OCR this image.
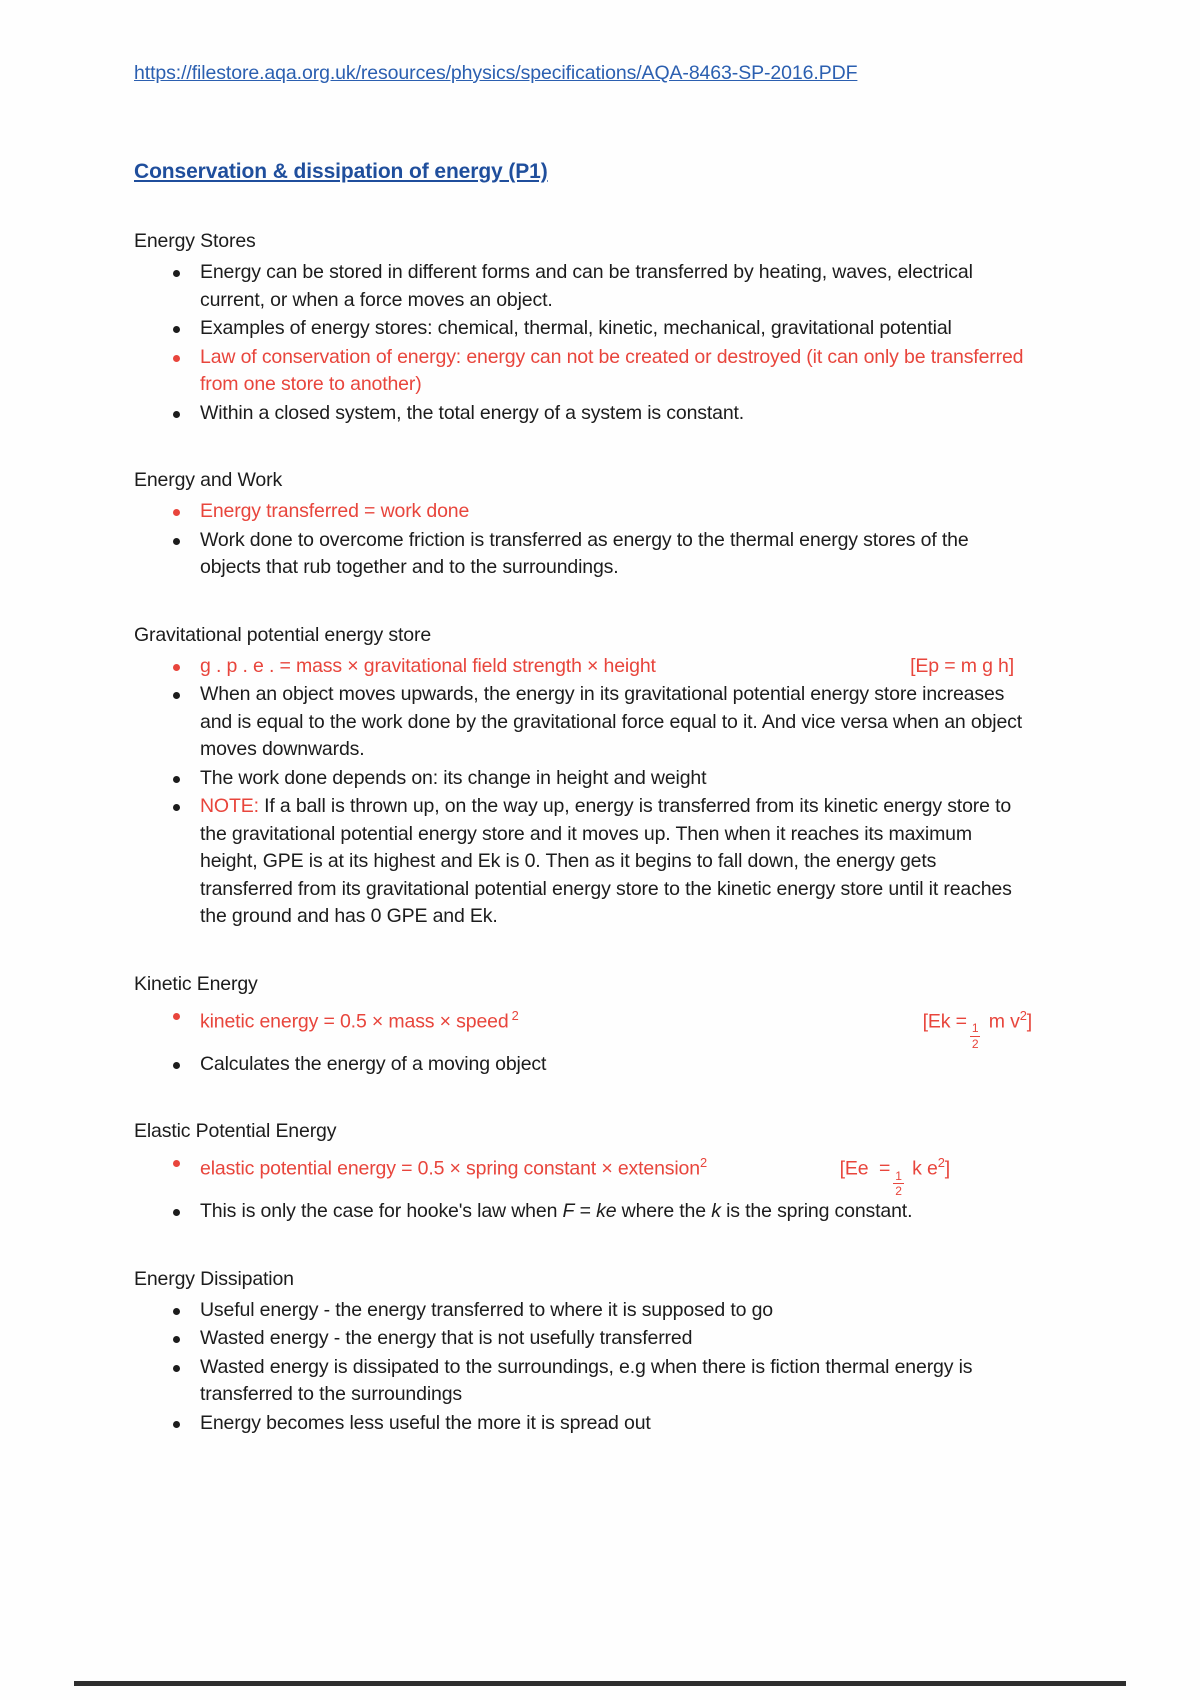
https://filestore.aqa.org.uk/resources/physics/specifications/AQA-8463-SP-2016.PDF
Conservation & dissipation of energy (P1)
Energy Stores
Energy can be stored in different forms and can be transferred by heating, waves, electrical current, or when a force moves an object.
Examples of energy stores: chemical, thermal, kinetic, mechanical, gravitational potential
Law of conservation of energy: energy can not be created or destroyed (it can only be transferred from one store to another)
Within a closed system, the total energy of a system is constant.
Energy and Work
Energy transferred = work done
Work done to overcome friction is transferred as energy to the thermal energy stores of the objects that rub together and to the surroundings.
Gravitational potential energy store
g . p . e . = mass × gravitational field strength × height	[Ep = m g h]
When an object moves upwards, the energy in its gravitational potential energy store increases and is equal to the work done by the gravitational force equal to it. And vice versa when an object moves downwards.
The work done depends on: its change in height and weight
NOTE: If a ball is thrown up, on the way up, energy is transferred from its kinetic energy store to the gravitational potential energy store and it moves up. Then when it reaches its maximum height, GPE is at its highest and Ek is 0. Then as it begins to fall down, the energy gets transferred from its gravitational potential energy store to the kinetic energy store until it reaches the ground and has 0 GPE and Ek.
Kinetic Energy
kinetic energy = 0.5 × mass × speed $^2$	[Ek =
$\frac{1}{2}$
m $v^2$]
Calculates the energy of a moving object
Elastic Potential Energy
elastic potential energy = 0.5 × spring constant × extension$^2$	[Ee =
$\frac{1}{2}$
k $e^2$]
This is only the case for hooke's law when F = ke where the k is the spring constant.
Energy Dissipation
Useful energy - the energy transferred to where it is supposed to go
Wasted energy - the energy that is not usefully transferred
Wasted energy is dissipated to the surroundings, e.g when there is fiction thermal energy is transferred to the surroundings
Energy becomes less useful the more it is spread out
